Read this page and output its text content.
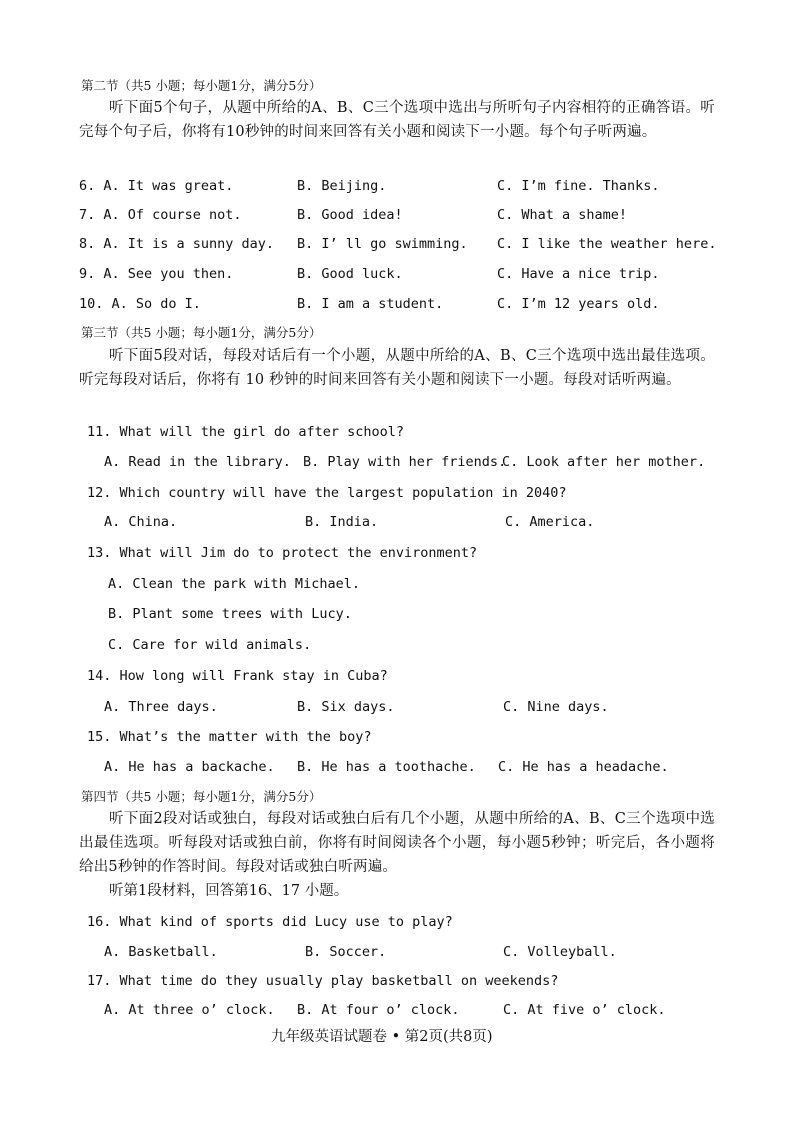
第二节（共5 小题；每小题1分，满分5分）
听下面5个句子，从题中所给的A、B、C三个选项中选出与所听句子内容相符的正确答语。听完每个句子后，你将有10秒钟的时间来回答有关小题和阅读下一小题。每个句子听两遍。
6. A. It was great.	B. Beijing.	C. I’m fine. Thanks.
7. A. Of course not.	B. Good idea!	C. What a shame!
8. A. It is a sunny day. B. I’ ll go swimming. C. I like the weather here.
9. A. See you then.	B. Good luck.	C. Have a nice trip.
10. A. So do I.	B. I am a student.	C. I’m 12 years old.
第三节（共5 小题；每小题1分，满分5分）
听下面5段对话，每段对话后有一个小题，从题中所给的A、B、C三个选项中选出最佳选项。听完每段对话后，你将有 10 秒钟的时间来回答有关小题和阅读下一小题。每段对话听两遍。
11. What will the girl do after school?
A. Read in the library. B. Play with her friends.
C. Look after her mother.
12. Which country will have the largest population in 2040?
A. China.	B. India.	C. America.
13. What will Jim do to protect the environment?
A. Clean the park with Michael.
B. Plant some trees with Lucy.
C. Care for wild animals.
14. How long will Frank stay in Cuba?
A. Three days.	B. Six days.	C. Nine days.
15. What’s the matter with the boy?
A. He has a backache. B. He has a toothache. C. He has a headache.
第四节（共5 小题；每小题1分，满分5分）
听下面2段对话或独白，每段对话或独白后有几个小题，从题中所给的A、B、C三个选项中选出最佳选项。听每段对话或独白前，你将有时间阅读各个小题，每小题5秒钟；听完后，各小题将给出5秒钟的作答时间。每段对话或独白听两遍。
听第1段材料，回答第16、17 小题。
16. What kind of sports did Lucy use to play?
A. Basketball.	B. Soccer.	C. Volleyball.
17. What time do they usually play basketball on weekends?
A. At three o’ clock. B. At four o’ clock.	C. At five o’ clock.
九年级英语试题卷 • 第2页(共8页)
